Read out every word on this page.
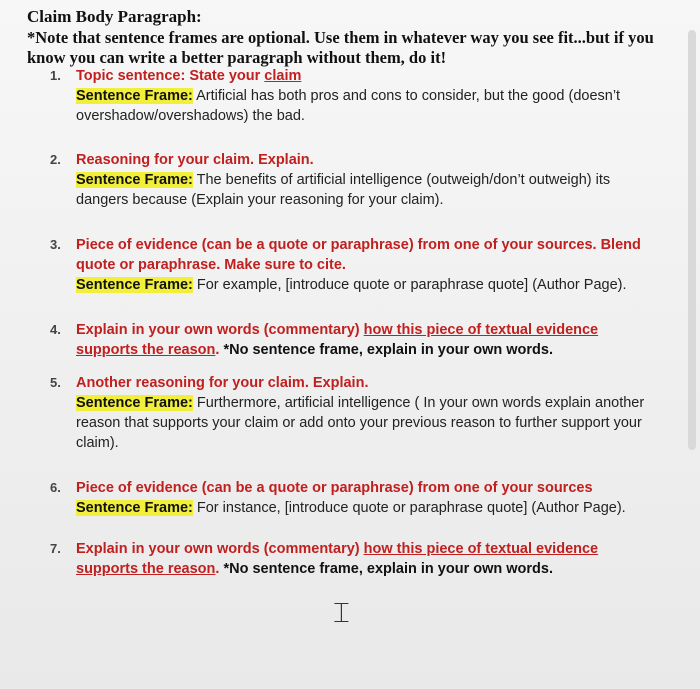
Claim Body Paragraph:
*Note that sentence frames are optional. Use them in whatever way you see fit...but if you know you can write a better paragraph without them, do it!
1.	Topic sentence: State your claim
Sentence Frame: Artificial has both pros and cons to consider, but the good (doesn’t overshadow/overshadows) the bad.
2.	Reasoning for your claim. Explain.
Sentence Frame: The benefits of artificial intelligence (outweigh/don’t outweigh) its dangers because (Explain your reasoning for your claim).
3.	Piece of evidence (can be a quote or paraphrase) from one of your sources. Blend quote or paraphrase. Make sure to cite.
Sentence Frame: For example, [introduce quote or paraphrase quote] (Author Page).
4.	Explain in your own words (commentary) how this piece of textual evidence supports the reason. *No sentence frame, explain in your own words.
5.	Another reasoning for your claim. Explain.
Sentence Frame: Furthermore, artificial intelligence ( In your own words explain another reason that supports your claim or add onto your previous reason to further support your claim).
6.	Piece of evidence (can be a quote or paraphrase) from one of your sources
Sentence Frame: For instance, [introduce quote or paraphrase quote] (Author Page).
7.	Explain in your own words (commentary) how this piece of textual evidence supports the reason. *No sentence frame, explain in your own words.
⌶
